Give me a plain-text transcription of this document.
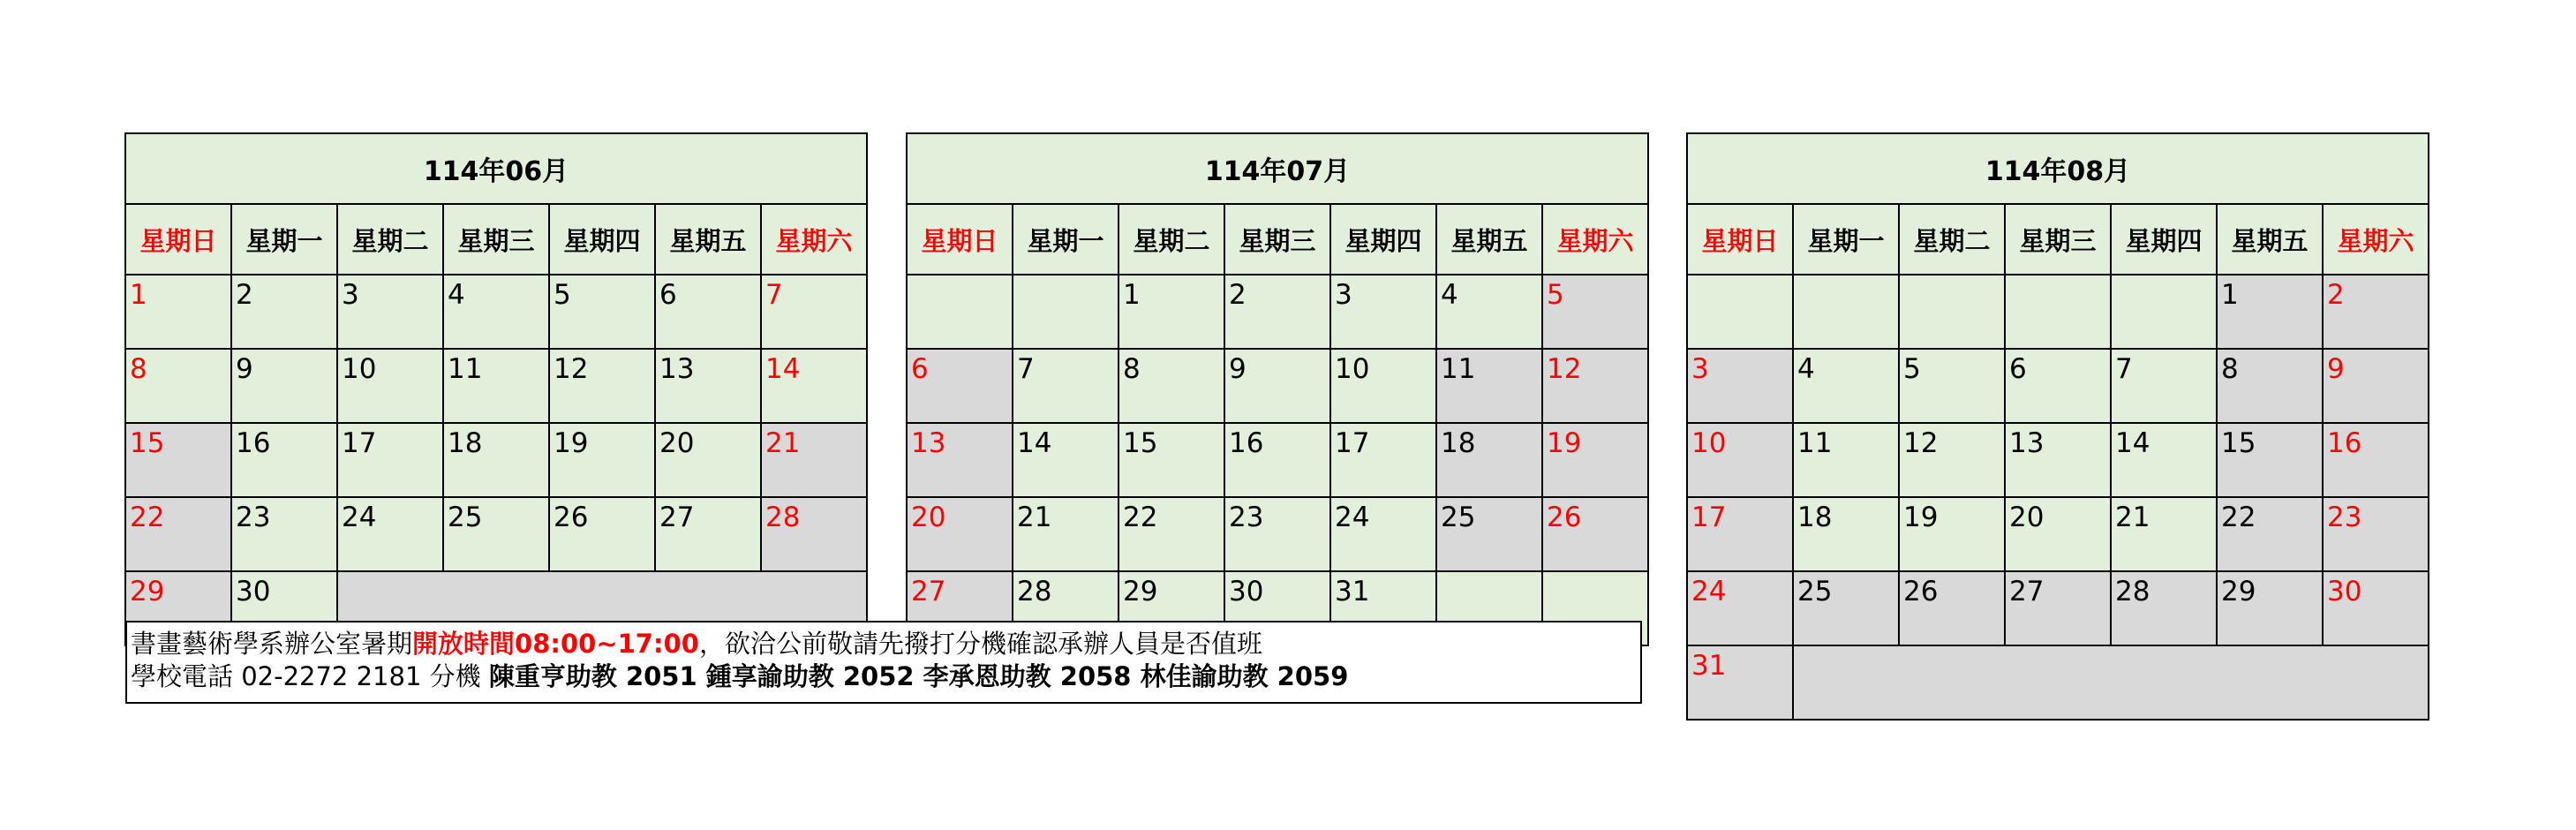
114年06月						
星期日	星期一	星期二	星期三	星期四	星期五	星期六
1	2	3	4	5	6	7
8	9	10	11	12	13	14
15	16	17	18	19	20	21
22	23	24	25	26	27	28
29	30					
114年07月						
星期日	星期一	星期二	星期三	星期四	星期五	星期六
		1	2	3	4	5
6	7	8	9	10	11	12
13	14	15	16	17	18	19
20	21	22	23	24	25	26
27	28	29	30	31		
114年08月						
星期日	星期一	星期二	星期三	星期四	星期五	星期六
					1	2
3	4	5	6	7	8	9
10	11	12	13	14	15	16
17	18	19	20	21	22	23
24	25	26	27	28	29	30
31						
書畫藝術學系辦公室暑期開放時間08:00~17:00，欲洽公前敬請先撥打分機確認承辦人員是否值班
學校電話 02-2272 2181 分機 陳重亨助教 2051 鍾享諭助教 2052 李承恩助教 2058 林佳諭助教 2059
